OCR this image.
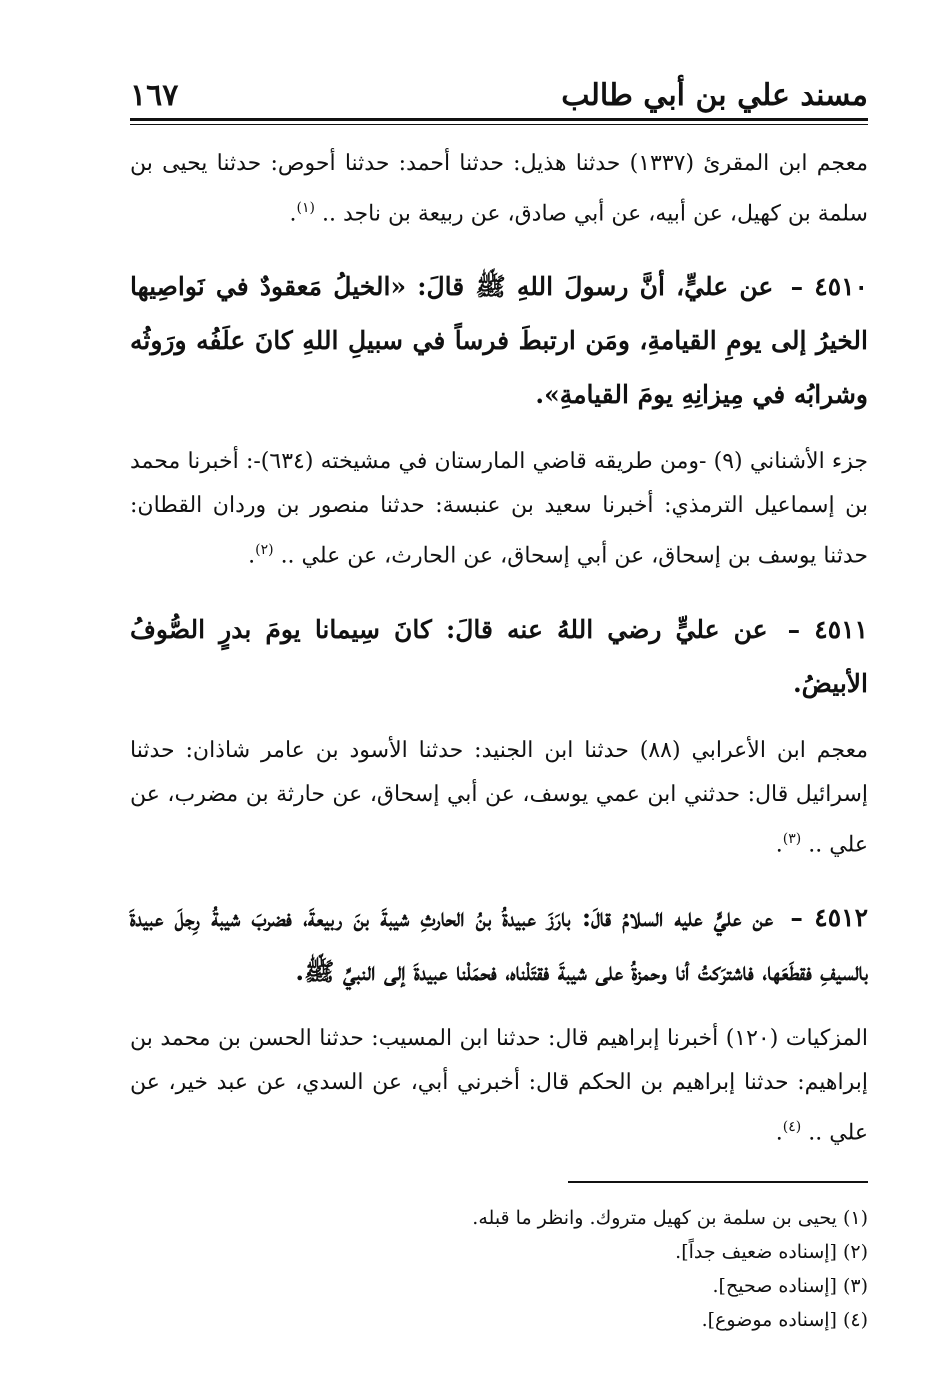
مسند علي بن أبي طالب
١٦٧

معجم ابن المقرئ (١٣٣٧) حدثنا هذيل: حدثنا أحمد: حدثنا أحوص: حدثنا يحيى بن سلمة بن كهيل، عن أبيه، عن أبي صادق، عن ربيعة بن ناجد .. $^{(١)}$.

٤٥١٠ – عن عليٍّ، أنَّ رسولَ اللهِ ﷺ قالَ: «الخيلُ مَعقودٌ في نَواصِيها الخيرُ إلى يومِ القيامةِ، ومَن ارتبطَ فرساً في سبيلِ اللهِ كانَ علَفُه ورَوثُه وشرابُه في مِيزانِهِ يومَ القيامةِ».

جزء الأشناني (٩) -ومن طريقه قاضي المارستان في مشيخته (٦٣٤)-: أخبرنا محمد بن إسماعيل الترمذي: أخبرنا سعيد بن عنبسة: حدثنا منصور بن وردان القطان: حدثنا يوسف بن إسحاق، عن أبي إسحاق، عن الحارث، عن علي .. $^{(٢)}$.

٤٥١١ – عن عليٍّ رضي اللهُ عنه قالَ: كانَ سِيمانا يومَ بدرٍ الصُّوفُ الأبيضُ.

معجم ابن الأعرابي (٨٨) حدثنا ابن الجنيد: حدثنا الأسود بن عامر شاذان: حدثنا إسرائيل قال: حدثني ابن عمي يوسف، عن أبي إسحاق، عن حارثة بن مضرب، عن علي .. $^{(٣)}$.

٤٥١٢ – عن عليٍّ عليه السلامُ قالَ: بارَزَ عبيدةُ بنُ الحارثِ شيبةَ بنَ ربيعةَ، فضربَ شيبةُ رِجلَ عبيدةَ بالسيفِ فقطَعَها، فاشترَكتُ أنا وحمزةُ على شيبةَ فقتَلْناه، فحمَلْنا عبيدةَ إلى النبيِّ ﷺ.

المزكيات (١٢٠) أخبرنا إبراهيم قال: حدثنا ابن المسيب: حدثنا الحسن بن محمد بن إبراهيم: حدثنا إبراهيم بن الحكم قال: أخبرني أبي، عن السدي، عن عبد خير، عن علي .. $^{(٤)}$.

(١)يحيى بن سلمة بن كهيل متروك. وانظر ما قبله.
(٢)[إسناده ضعيف جداً].
(٣)[إسناده صحيح].
(٤)[إسناده موضوع].
